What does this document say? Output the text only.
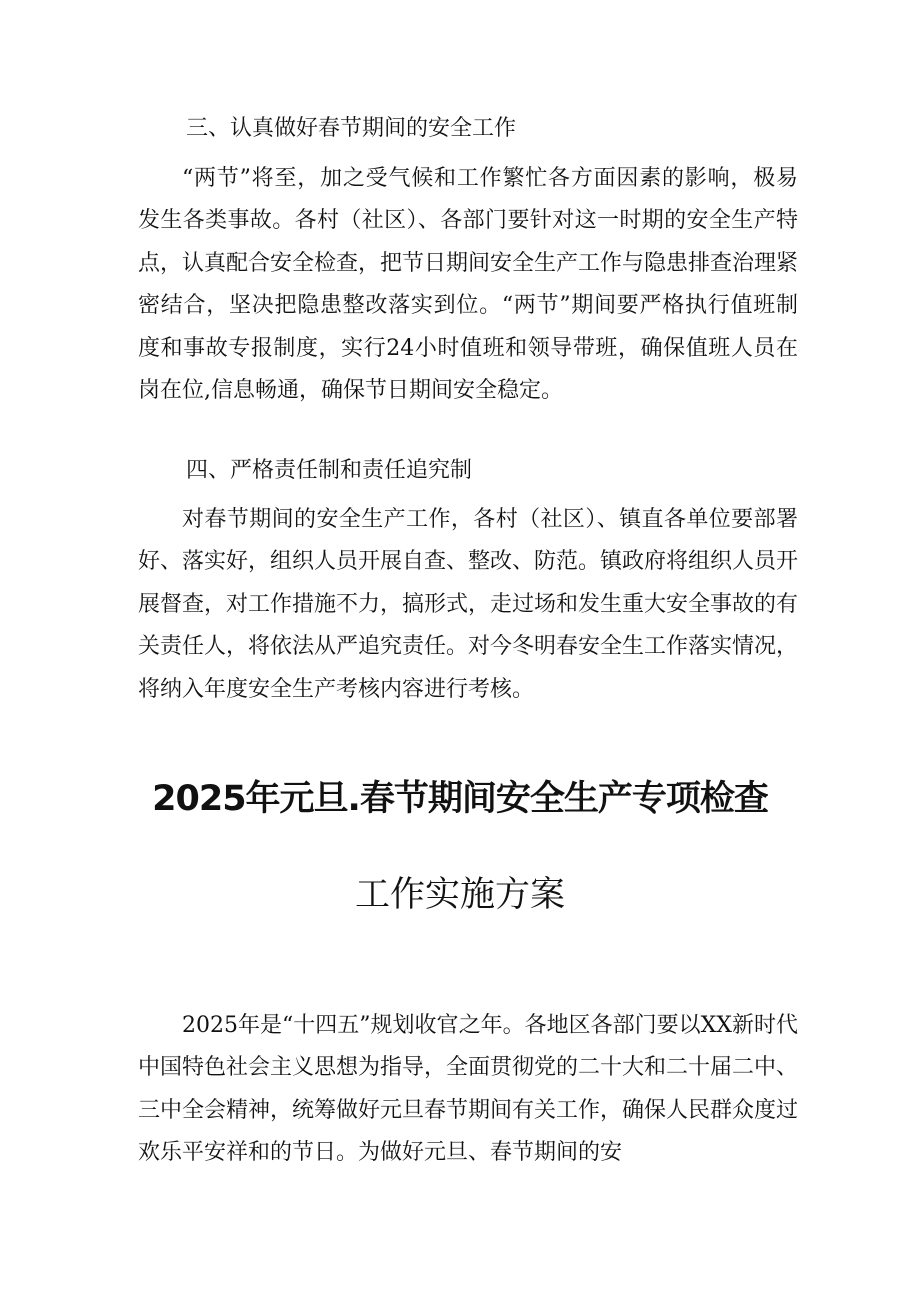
三、认真做好春节期间的安全工作

“两节”将至，加之受气候和工作繁忙各方面因素的影响，极易发生各类事故。各村（社区）、各部门要针对这一时期的安全生产特点，认真配合安全检查，把节日期间安全生产工作与隐患排查治理紧密结合，坚决把隐患整改落实到位。“两节”期间要严格执行值班制度和事故专报制度，实行24小时值班和领导带班，确保值班人员在岗在位,信息畅通，确保节日期间安全稳定。

四、严格责任制和责任追究制

对春节期间的安全生产工作，各村（社区）、镇直各单位要部署好、落实好，组织人员开展自查、整改、防范。镇政府将组织人员开展督查，对工作措施不力，搞形式，走过场和发生重大安全事故的有关责任人，将依法从严追究责任。对今冬明春安全生工作落实情况，将纳入年度安全生产考核内容进行考核。

2025年元旦.春节期间安全生产专项检查
工作实施方案

2025年是“十四五”规划收官之年。各地区各部门要以XX新时代中国特色社会主义思想为指导，全面贯彻党的二十大和二十届二中、三中全会精神，统筹做好元旦春节期间有关工作，确保人民群众度过欢乐平安祥和的节日。为做好元旦、春节期间的安
